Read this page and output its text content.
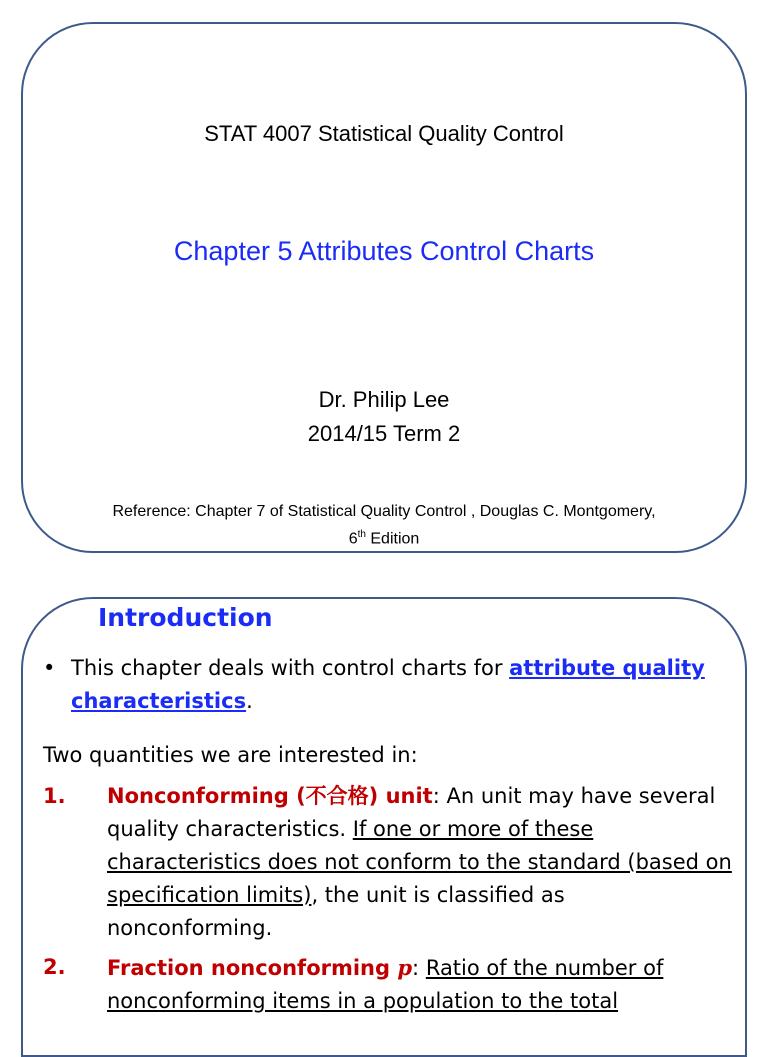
STAT 4007 Statistical Quality Control
Chapter 5 Attributes Control Charts
Dr. Philip Lee
2014/15 Term 2
Reference: Chapter 7 of Statistical Quality Control , Douglas C. Montgomery,
6th Edition
Introduction
• This chapter deals with control charts for attribute quality characteristics.
Two quantities we are interested in:
1. Nonconforming (不合格) unit: An unit may have several quality characteristics. If one or more of these characteristics does not conform to the standard (based on specification limits), the unit is classified as nonconforming.
2. Fraction nonconforming p: Ratio of the number of nonconforming items in a population to the total
